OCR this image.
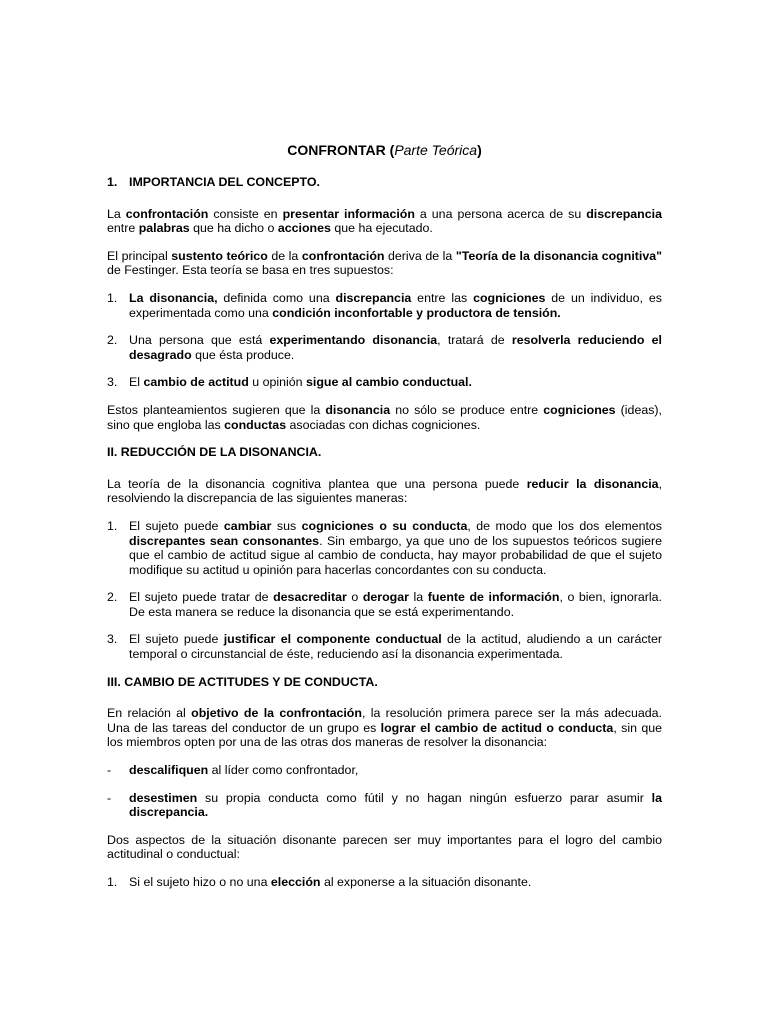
CONFRONTAR (Parte Teórica)
1. IMPORTANCIA DEL CONCEPTO.

La confrontación consiste en presentar información a una persona acerca de su discrepancia entre palabras que ha dicho o acciones que ha ejecutado.

El principal sustento teórico de la confrontación deriva de la "Teoría de la disonancia cognitiva" de Festinger. Esta teoría se basa en tres supuestos:

1. La disonancia, definida como una discrepancia entre las cogniciones de un individuo, es experimentada como una condición inconfortable y productora de tensión.
2. Una persona que está experimentando disonancia, tratará de resolverla reduciendo el desagrado que ésta produce.
3. El cambio de actitud u opinión sigue al cambio conductual.

Estos planteamientos sugieren que la disonancia no sólo se produce entre cogniciones (ideas), sino que engloba las conductas asociadas con dichas cogniciones.

II. REDUCCIÓN DE LA DISONANCIA.

La teoría de la disonancia cognitiva plantea que una persona puede reducir la disonancia, resolviendo la discrepancia de las siguientes maneras:

1. El sujeto puede cambiar sus cogniciones o su conducta, de modo que los dos elementos discrepantes sean consonantes. Sin embargo, ya que uno de los supuestos teóricos sugiere que el cambio de actitud sigue al cambio de conducta, hay mayor probabilidad de que el sujeto modifique su actitud u opinión para hacerlas concordantes con su conducta.
2. El sujeto puede tratar de desacreditar o derogar la fuente de información, o bien, ignorarla. De esta manera se reduce la disonancia que se está experimentando.
3. El sujeto puede justificar el componente conductual de la actitud, aludiendo a un carácter temporal o circunstancial de éste, reduciendo así la disonancia experimentada.
III. CAMBIO DE ACTITUDES Y DE CONDUCTA.

En relación al objetivo de la confrontación, la resolución primera parece ser la más adecuada. Una de las tareas del conductor de un grupo es lograr el cambio de actitud o conducta, sin que los miembros opten por una de las otras dos maneras de resolver la disonancia:

-	descalifiquen al líder como confrontador,
-	desestimen su propia conducta como fútil y no hagan ningún esfuerzo parar asumir la discrepancia.

Dos aspectos de la situación disonante parecen ser muy importantes para el logro del cambio actitudinal o conductual:

1. Si el sujeto hizo o no una elección al exponerse a la situación disonante.
